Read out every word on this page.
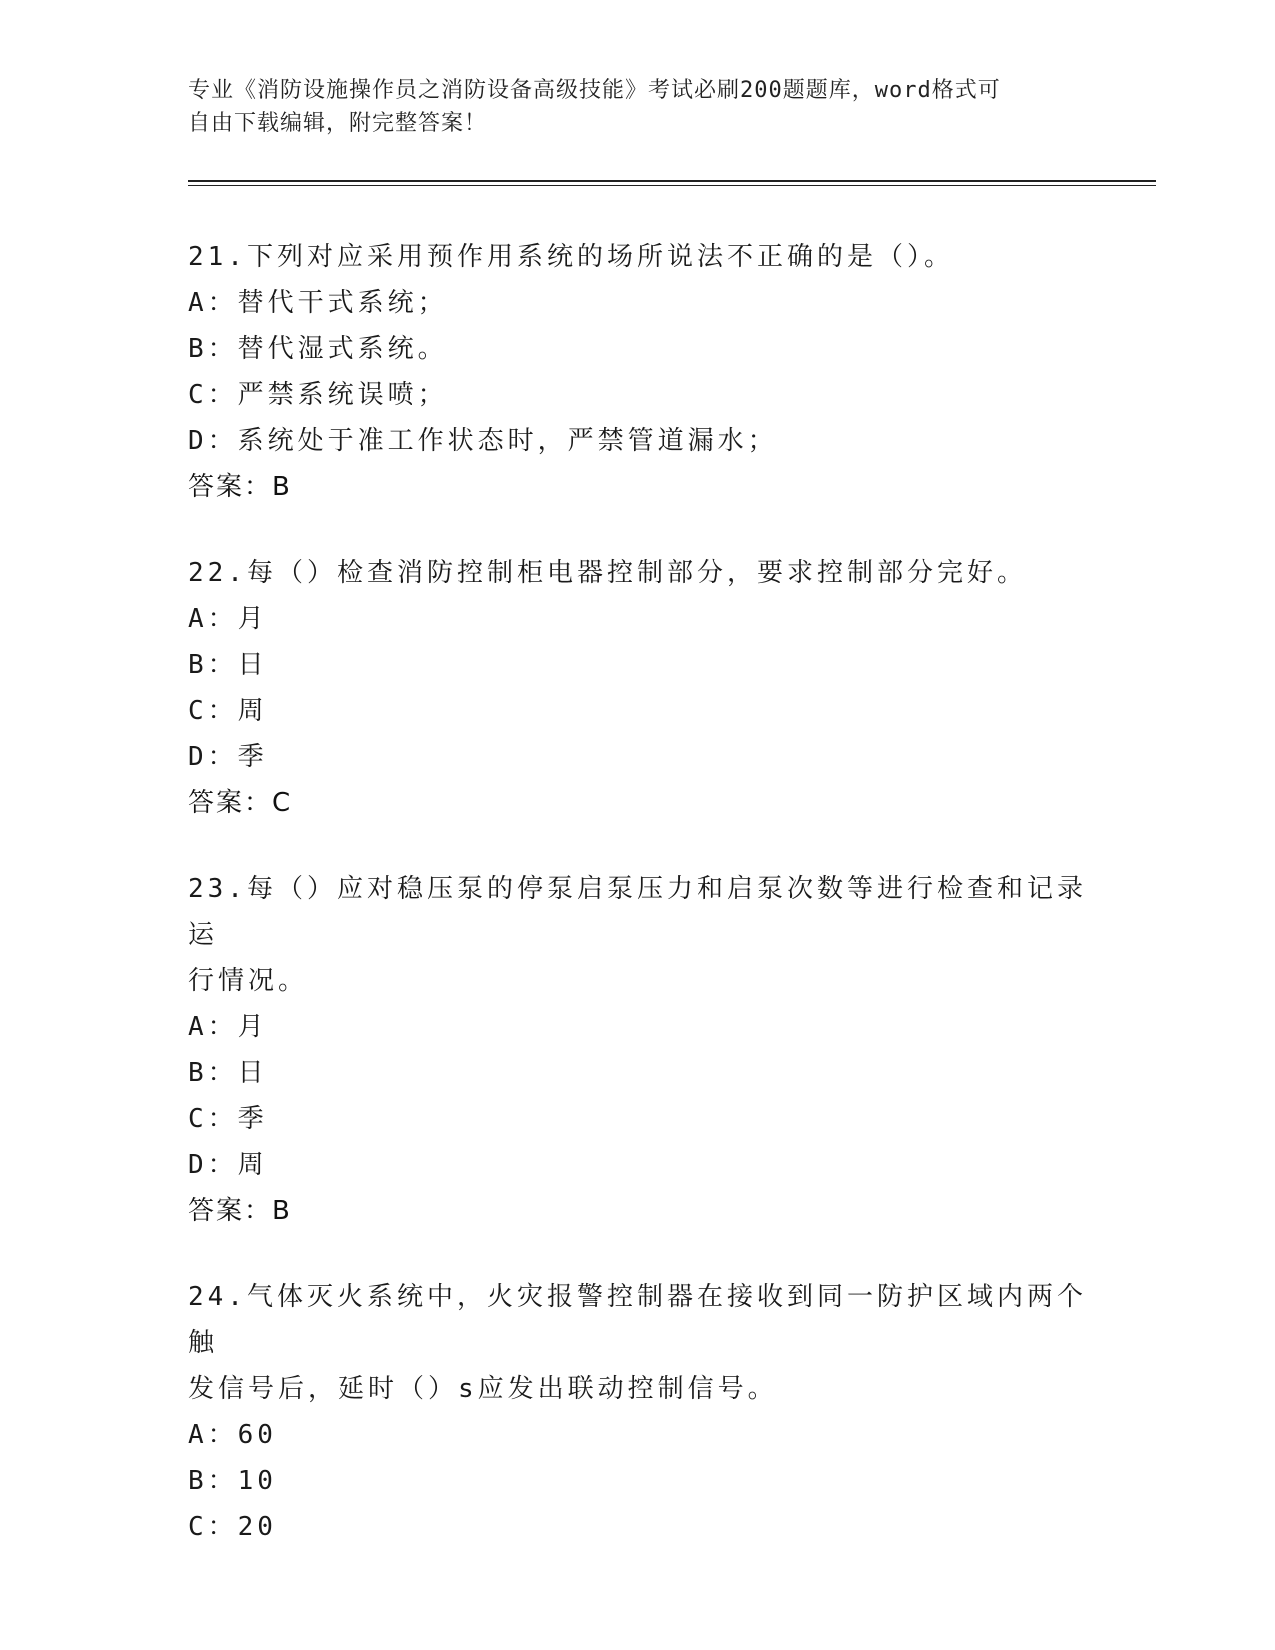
专业《消防设施操作员之消防设备高级技能》考试必刷200题题库，word格式可
自由下载编辑，附完整答案！

21.下列对应采用预作用系统的场所说法不正确的是（）。

A：替代干式系统；

B：替代湿式系统。

C：严禁系统误喷；

D：系统处于准工作状态时，严禁管道漏水；

答案：B

22.每（）检查消防控制柜电器控制部分，要求控制部分完好。

A：月

B：日

C：周

D：季

答案：C

23.每（）应对稳压泵的停泵启泵压力和启泵次数等进行检查和记录运

行情况。

A：月

B：日

C：季

D：周

答案：B

24.气体灭火系统中，火灾报警控制器在接收到同一防护区域内两个触

发信号后，延时（）s应发出联动控制信号。

A：60

B：10

C：20
